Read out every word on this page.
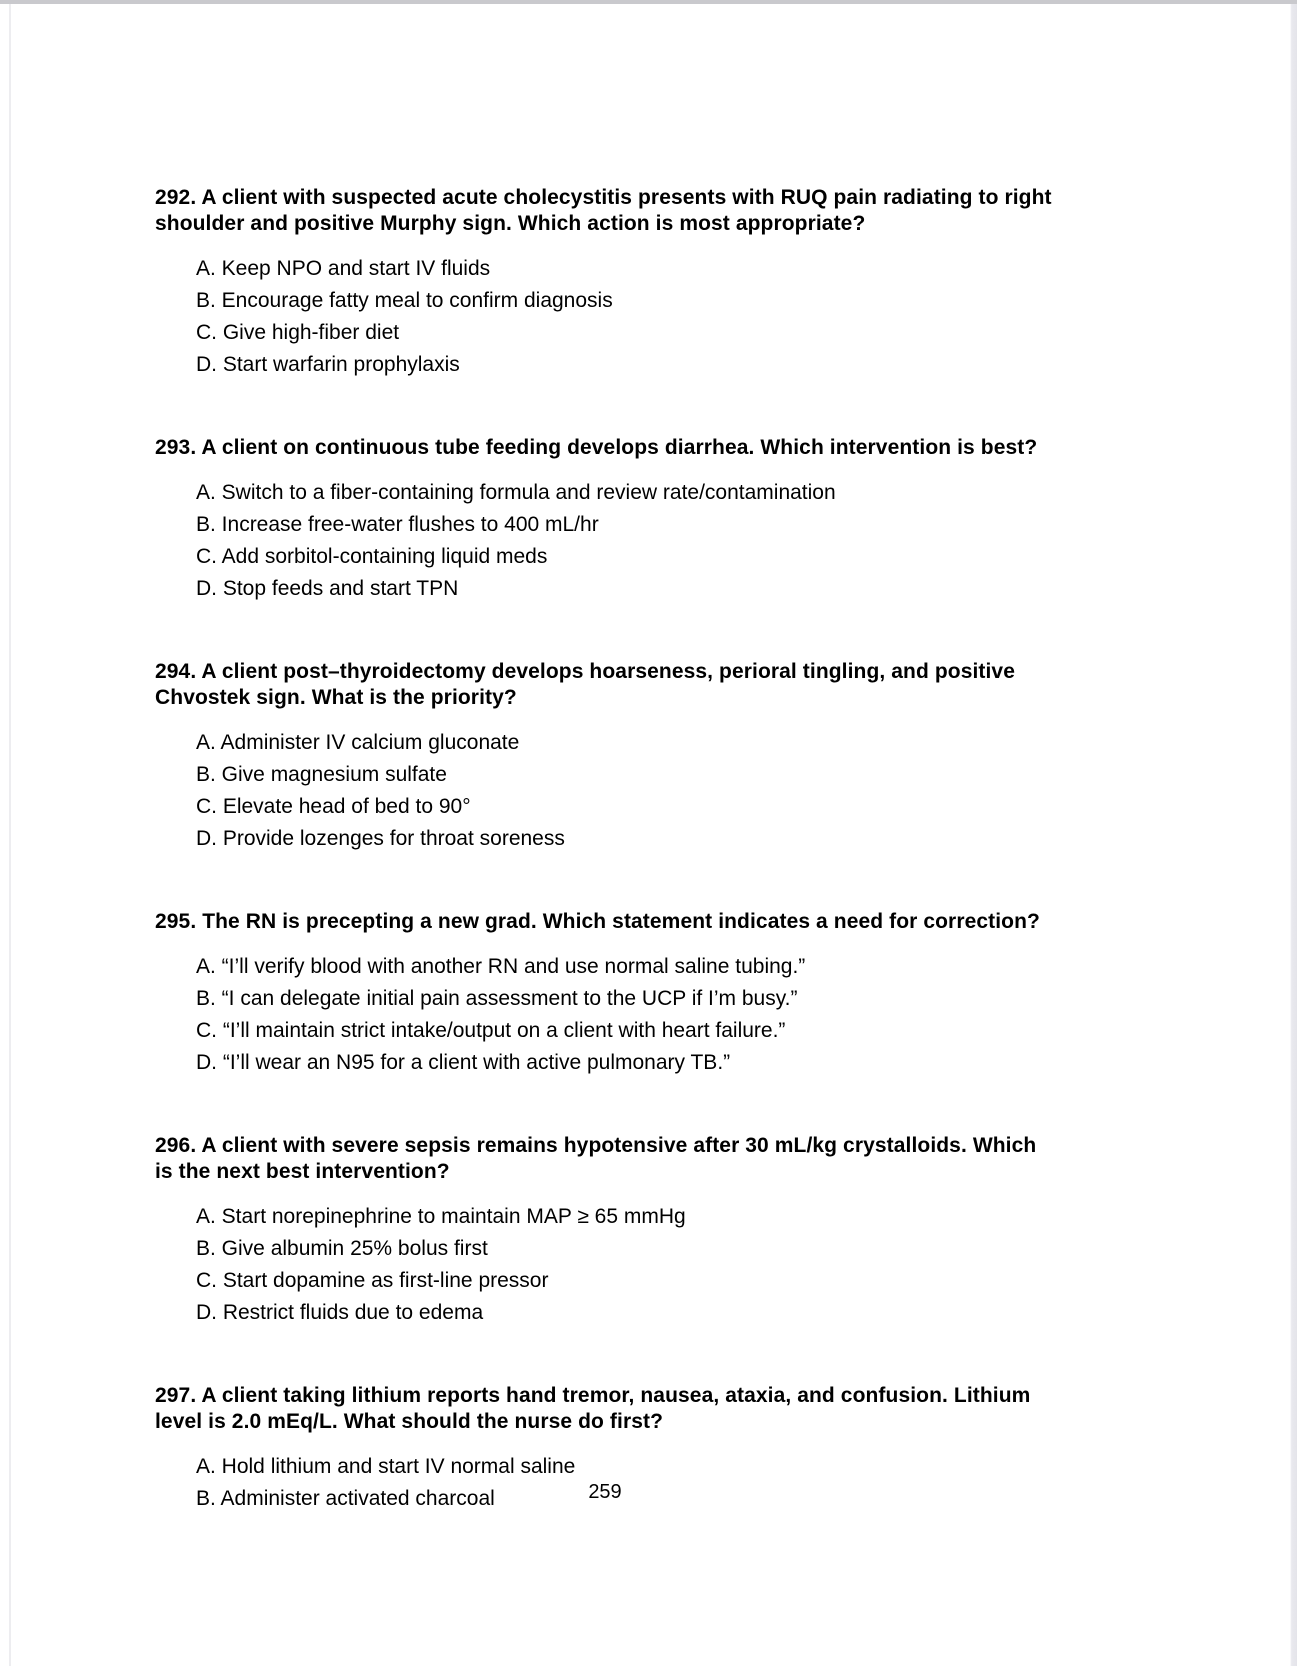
292. A client with suspected acute cholecystitis presents with RUQ pain radiating to right shoulder and positive Murphy sign. Which action is most appropriate?
A. Keep NPO and start IV fluids
B. Encourage fatty meal to confirm diagnosis
C. Give high-fiber diet
D. Start warfarin prophylaxis
293. A client on continuous tube feeding develops diarrhea. Which intervention is best?
A. Switch to a fiber-containing formula and review rate/contamination
B. Increase free-water flushes to 400 mL/hr
C. Add sorbitol-containing liquid meds
D. Stop feeds and start TPN
294. A client post–thyroidectomy develops hoarseness, perioral tingling, and positive Chvostek sign. What is the priority?
A. Administer IV calcium gluconate
B. Give magnesium sulfate
C. Elevate head of bed to 90°
D. Provide lozenges for throat soreness
295. The RN is precepting a new grad. Which statement indicates a need for correction?
A. “I’ll verify blood with another RN and use normal saline tubing.”
B. “I can delegate initial pain assessment to the UCP if I’m busy.”
C. “I’ll maintain strict intake/output on a client with heart failure.”
D. “I’ll wear an N95 for a client with active pulmonary TB.”
296. A client with severe sepsis remains hypotensive after 30 mL/kg crystalloids. Which is the next best intervention?
A. Start norepinephrine to maintain MAP ≥ 65 mmHg
B. Give albumin 25% bolus first
C. Start dopamine as first-line pressor
D. Restrict fluids due to edema
297. A client taking lithium reports hand tremor, nausea, ataxia, and confusion. Lithium level is 2.0 mEq/L. What should the nurse do first?
A. Hold lithium and start IV normal saline
B. Administer activated charcoal	259
